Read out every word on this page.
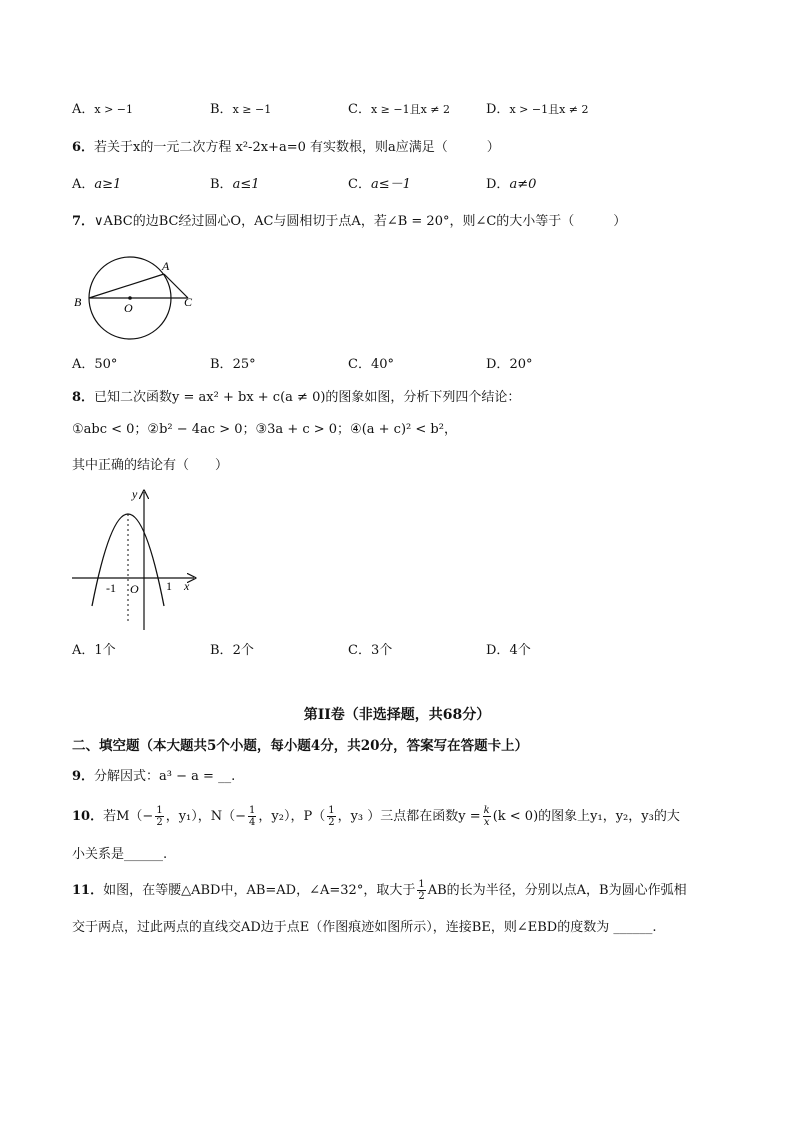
A．x > −1	B．x ≥ −1	C．x ≥ −1且x ≠ 2	D．x > −1且x ≠ 2
6．若关于x的一元二次方程 x²-2x+a=0 有实数根，则a应满足（　　　）
A．a≥1	B．a≤1	C．a≤－1	D．a≠0
7．∨ABC的边BC经过圆心O，AC与圆相切于点A，若∠B = 20°，则∠C的大小等于（　　　）
A
B	C
O
A．50°	B．25°	C．40°	D．20°
8．已知二次函数y = ax² + bx + c(a ≠ 0)的图象如图，分析下列四个结论：
①abc < 0；②b² − 4ac > 0；③3a + c > 0；④(a + c)² < b²，
其中正确的结论有（　　）
y
x
-1 O 1
A．1个	B．2个	C．3个	D．4个
第II卷（非选择题，共68分）
二、填空题（本大题共5个小题，每小题4分，共20分，答案写在答题卡上）
9．分解因式：a³ − a = __.
10．若$M(- \frac{1}{2}$ ，y₁），$N(- \frac{1}{4}$ ，y₂），$P( \frac{1}{2}$ ，y₃ ）三点都在函数$y = \frac{k}{x} (k < 0)$的图象上y₁，y₂，y₃的大
小关系是______.
11．如图，在等腰△ABD中，AB=AD，∠A=32°，取大于 $\frac{1}{2}$ AB的长为半径，分别以点A，B为圆心作弧相
交于两点，过此两点的直线交AD边于点E（作图痕迹如图所示），连接BE，则∠EBD的度数为 ______.
